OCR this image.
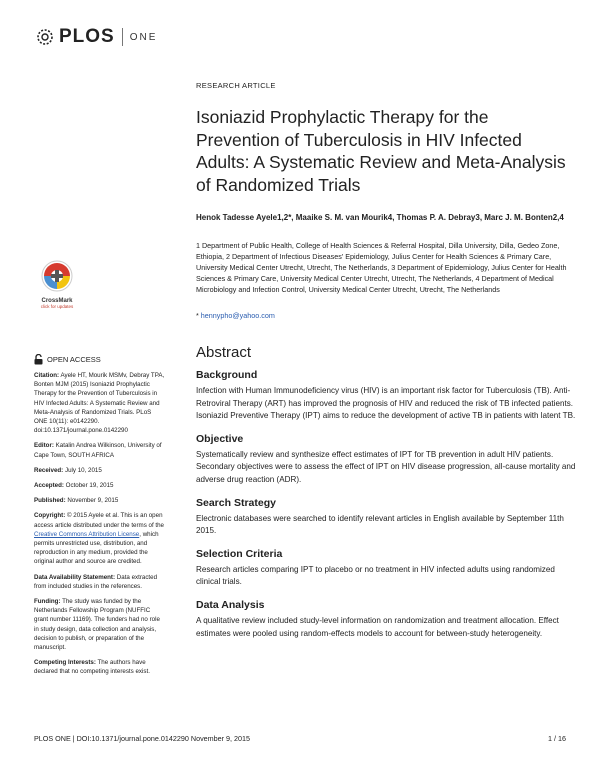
PLOS ONE
RESEARCH ARTICLE
Isoniazid Prophylactic Therapy for the Prevention of Tuberculosis in HIV Infected Adults: A Systematic Review and Meta-Analysis of Randomized Trials
Henok Tadesse Ayele1,2*, Maaike S. M. van Mourik4, Thomas P. A. Debray3, Marc J. M. Bonten2,4
1 Department of Public Health, College of Health Sciences & Referral Hospital, Dilla University, Dilla, Gedeo Zone, Ethiopia, 2 Department of Infectious Diseases' Epidemiology, Julius Center for Health Sciences & Primary Care, University Medical Center Utrecht, Utrecht, The Netherlands, 3 Department of Epidemiology, Julius Center for Health Sciences & Primary Care, University Medical Center Utrecht, Utrecht, The Netherlands, 4 Department of Medical Microbiology and Infection Control, University Medical Center Utrecht, Utrecht, The Netherlands
* hennypho@yahoo.com
CrossMark
click for updates
OPEN ACCESS

Citation: Ayele HT, Mourik MSMv, Debray TPA, Bonten MJM (2015) Isoniazid Prophylactic Therapy for the Prevention of Tuberculosis in HIV Infected Adults: A Systematic Review and Meta-Analysis of Randomized Trials. PLoS ONE 10(11): e0142290. doi:10.1371/journal.pone.0142290

Editor: Katalin Andrea Wilkinson, University of Cape Town, SOUTH AFRICA

Received: July 10, 2015

Accepted: October 19, 2015

Published: November 9, 2015

Copyright: © 2015 Ayele et al. This is an open access article distributed under the terms of the Creative Commons Attribution License, which permits unrestricted use, distribution, and reproduction in any medium, provided the original author and source are credited.

Data Availability Statement: Data extracted from included studies in the references.

Funding: The study was funded by the Netherlands Fellowship Program (NUFFIC grant number 11169). The funders had no role in study design, data collection and analysis, decision to publish, or preparation of the manuscript.

Competing Interests: The authors have declared that no competing interests exist.

Abstract
Background

Infection with Human Immunodeficiency virus (HIV) is an important risk factor for Tuberculosis (TB). Anti-Retroviral Therapy (ART) has improved the prognosis of HIV and reduced the risk of TB infected patients. Isoniazid Preventive Therapy (IPT) aims to reduce the development of active TB in patients with latent TB.

Objective

Systematically review and synthesize effect estimates of IPT for TB prevention in adult HIV patients. Secondary objectives were to assess the effect of IPT on HIV disease progression, all-cause mortality and adverse drug reaction (ADR).

Search Strategy

Electronic databases were searched to identify relevant articles in English available by September 11th 2015.

Selection Criteria

Research articles comparing IPT to placebo or no treatment in HIV infected adults using randomized clinical trials.

Data Analysis

A qualitative review included study-level information on randomization and treatment allocation. Effect estimates were pooled using random-effects models to account for between-study heterogeneity.

PLOS ONE | DOI:10.1371/journal.pone.0142290 November 9, 2015	1 / 16
